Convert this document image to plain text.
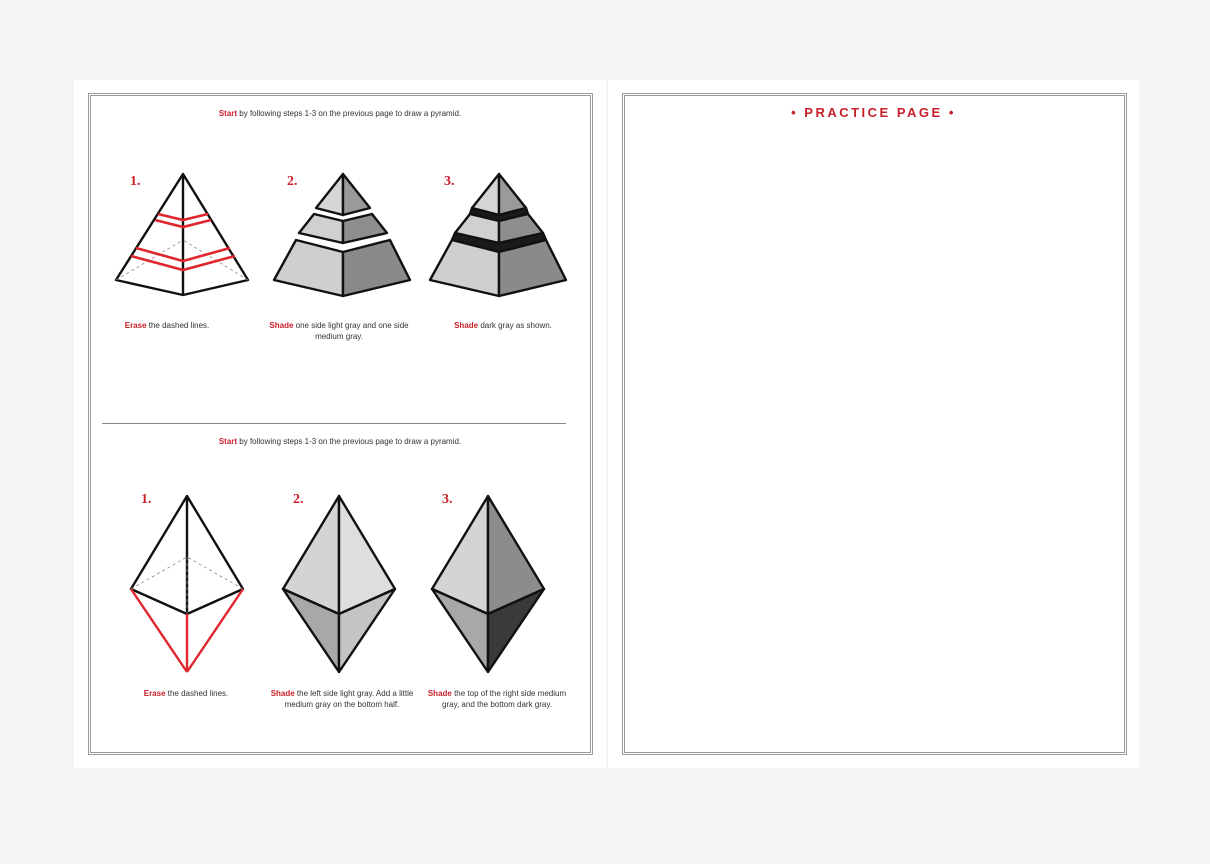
Start by following steps 1-3 on the previous page to draw a pyramid.
1.
Erase the dashed lines.
2.
Shade one side light gray and one side medium gray.
3.
Shade dark gray as shown.
Start by following steps 1-3 on the previous page to draw a pyramid.
1.
Erase the dashed lines.
2.
Shade the left side light gray. Add a little medium gray on the bottom half.
3.
Shade the top of the right side medium gray, and the bottom dark gray.
• PRACTICE PAGE •
